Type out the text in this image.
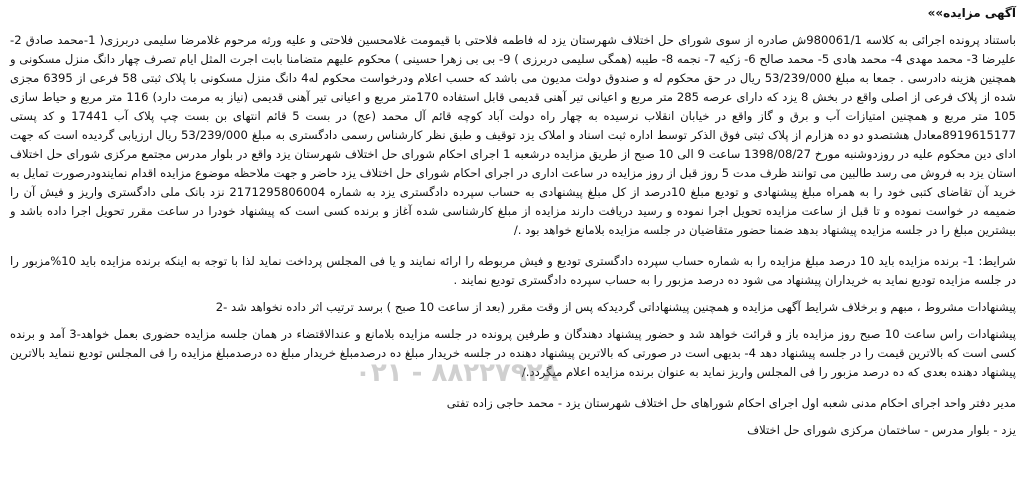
آگهی مزایده»»

باستناد پرونده اجرائی به کلاسه 980061/1ش صادره از سوی شورای حل اختلاف شهرستان یزد له فاطمه فلاحتی با قیمومت غلامحسین فلاحتی و علیه ورثه مرحوم غلامرضا سلیمی دربرزی( 1-محمد صادق 2- علیرضا 3- محمد مهدی 4- محمد هادی 5- محمد صالح 6- زکیه 7- نجمه 8- طیبه (همگی سلیمی دربرزی ) 9- بی بی زهرا حسینی ) محکوم علیهم متضامنا بابت اجرت المثل ایام تصرف چهار دانگ منزل مسکونی و همچنین هزینه دادرسی . جمعا به مبلغ 53/239/000 ریال در حق محکوم له و صندوق دولت مدیون می باشد که حسب اعلام ودرخواست محکوم له4 دانگ منزل مسکونی با پلاک ثبتی 58 فرعی از 6395 مجزی شده از پلاک فرعی از اصلی واقع در بخش 8 یزد که دارای عرصه 285 متر مربع و اعیانی تیر آهنی قدیمی قابل استفاده 170متر مربع و اعیانی تیر آهنی قدیمی (نیاز به مرمت دارد) 116 متر مربع و حیاط سازی 105 متر مربع و همچنین امتیازات آب و برق و گاز واقع در خیابان انقلاب نرسیده به چهار راه دولت آباد کوچه قائم آل محمد (عج) در بست 5 قائم انتهای بن بست چپ پلاک آب 17441 و کد پستی 8919615177معادل هشتصدو دو ده هزارم از پلاک ثبتی فوق الذکر توسط اداره ثبت اسناد و املاک یزد توقیف و طبق نظر کارشناس رسمی دادگستری به مبلغ 53/239/000 ریال ارزیابی گردیده است که جهت ادای دین محکوم علیه در روزدوشنبه مورخ 1398/08/27 ساعت 9 الی 10 صبح از طریق مزایده درشعبه 1 اجرای احکام شورای حل اختلاف شهرستان یزد واقع در بلوار مدرس مجتمع مرکزی شورای حل اختلاف استان یزد به فروش می رسد طالبین می توانند ظرف مدت 5 روز قبل از روز مزایده در ساعت اداری در اجرای احکام شورای حل اختلاف یزد حاضر و جهت ملاحظه موضوع مزایده اقدام نمایندودرصورت تمایل به خرید آن تقاضای کتبی خود را به همراه مبلغ پیشنهادی و تودیع مبلغ 10درصد از کل مبلغ پیشنهادی به حساب سپرده دادگستری یزد به شماره 2171295806004 نزد بانک ملی دادگستری واریز و فیش آن را ضمیمه در خواست نموده و تا قبل از ساعت مزایده تحویل اجرا نموده و رسید دریافت دارند مزایده از مبلغ کارشناسی شده آغاز و برنده کسی است که پیشنهاد خودرا در ساعت مقرر تحویل اجرا داده باشد و بیشترین مبلغ را در جلسه مزایده پیشنهاد بدهد ضمنا حضور متقاضیان در جلسه مزایده بلامانع خواهد بود ./

شرایط: 1- برنده مزایده باید 10 درصد مبلغ مزایده را به شماره حساب سپرده دادگستری تودیع و فیش مربوطه را ارائه نمایند و یا فی المجلس پرداخت نماید لذا با توجه به اینکه برنده مزایده باید 10%مزبور را در جلسه مزایده تودیع نماید به خریداران پیشنهاد می شود ده درصد مزبور را به حساب سپرده دادگستری تودیع نمایند .

پیشنهادات مشروط ، مبهم و برخلاف شرایط آگهی مزایده و همچنین پیشنهاداتی گردیدکه پس از وقت مقرر (بعد از ساعت 10 صبح ) برسد ترتیب اثر داده نخواهد شد -2

پیشنهادات راس ساعت 10 صبح روز مزایده باز و قرائت خواهد شد و حضور پیشنهاد دهندگان و طرفین پرونده در جلسه مزایده بلامانع و عندالاقتضاء در همان جلسه مزایده حضوری بعمل خواهد-3 آمد و برنده کسی است که بالاترین قیمت را در جلسه پیشنهاد دهد 4- بدیهی است در صورتی که بالاترین پیشنهاد دهنده در جلسه خریدار مبلغ ده درصدمبلغ خریدار مبلغ ده درصدمبلغ مزایده را فی المجلس تودیع ننماید بالاترین پیشنهاد دهنده بعدی که ده درصد مزبور را فی المجلس واریز نماید به عنوان برنده مزایده اعلام میگردد./

مدیر دفتر واحد اجرای احکام مدنی شعبه اول اجرای احکام شوراهای حل اختلاف شهرستان یزد - محمد حاجی زاده تفتی

یزد - بلوار مدرس - ساختمان مرکزی شورای حل اختلاف

۰۲۱ - ۸۸۲۲۷۹۲۸
